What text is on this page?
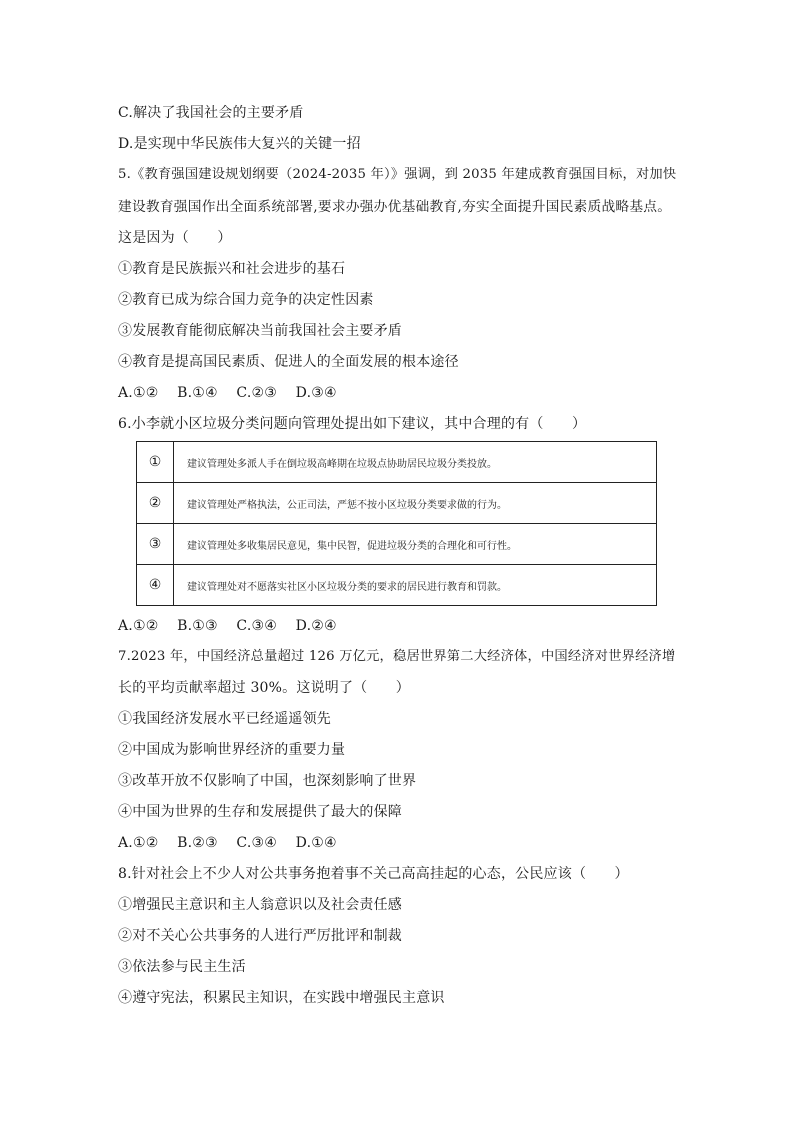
C.解决了我国社会的主要矛盾
D.是实现中华民族伟大复兴的关键一招
5.《教育强国建设规划纲要（2024-2035 年）》强调，到 2035 年建成教育强国目标，对加快
建设教育强国作出全面系统部署,要求办强办优基础教育,夯实全面提升国民素质战略基点。
这是因为（　　）
①教育是民族振兴和社会进步的基石
②教育已成为综合国力竞争的决定性因素
③发展教育能彻底解决当前我国社会主要矛盾
④教育是提高国民素质、促进人的全面发展的根本途径
A.①② B.①④ C.②③ D.③④
6.小李就小区垃圾分类问题向管理处提出如下建议，其中合理的有（　　）
①	建议管理处多派人手在倒垃圾高峰期在垃圾点协助居民垃圾分类投放。
②	建议管理处严格执法，公正司法，严惩不按小区垃圾分类要求做的行为。
③	建议管理处多收集居民意见，集中民智，促进垃圾分类的合理化和可行性。
④	建议管理处对不愿落实社区小区垃圾分类的要求的居民进行教育和罚款。
A.①② B.①③ C.③④ D.②④
7.2023 年，中国经济总量超过 126 万亿元，稳居世界第二大经济体，中国经济对世界经济增
长的平均贡献率超过 30%。这说明了（　　）
①我国经济发展水平已经遥遥领先
②中国成为影响世界经济的重要力量
③改革开放不仅影响了中国，也深刻影响了世界
④中国为世界的生存和发展提供了最大的保障
A.①② B.②③ C.③④ D.①④
8.针对社会上不少人对公共事务抱着事不关己高高挂起的心态，公民应该（　　）
①增强民主意识和主人翁意识以及社会责任感
②对不关心公共事务的人进行严厉批评和制裁
③依法参与民主生活
④遵守宪法，积累民主知识，在实践中增强民主意识
